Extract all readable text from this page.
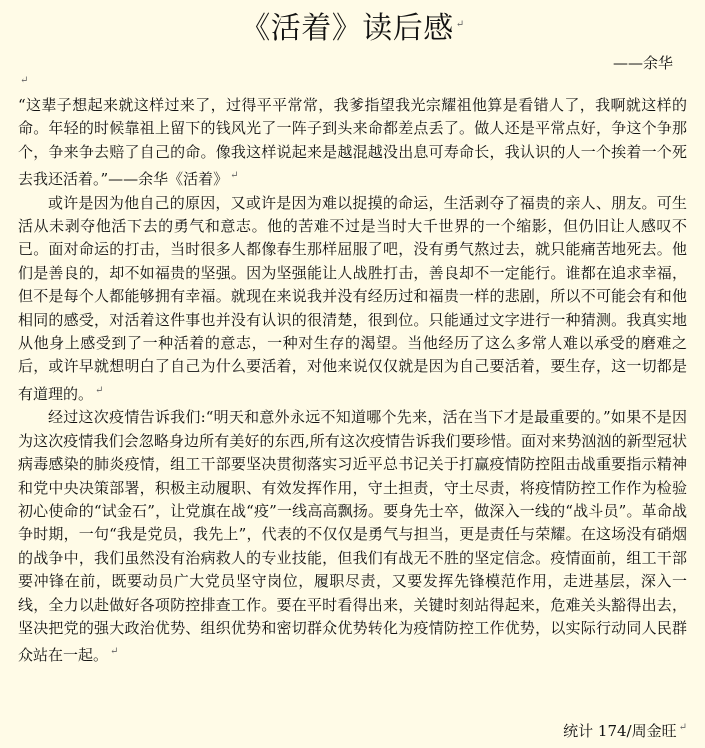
《活着》读后感 ↵

——余华

↵

“这辈子想起来就这样过来了，过得平平常常，我爹指望我光宗耀祖他算是看错人了，我啊就这样的命。年轻的时候靠祖上留下的钱风光了一阵子到头来命都差点丢了。做人还是平常点好，争这个争那个，争来争去赔了自己的命。像我这样说起来是越混越没出息可寿命长，我认识的人一个挨着一个死去我还活着。”——余华《活着》 ↵

或许是因为他自己的原因，又或许是因为难以捉摸的命运，生活剥夺了福贵的亲人、朋友。可生活从未剥夺他活下去的勇气和意志。他的苦难不过是当时大千世界的一个缩影，但仍旧让人感叹不已。面对命运的打击，当时很多人都像春生那样屈服了吧，没有勇气熬过去，就只能痛苦地死去。他们是善良的，却不如福贵的坚强。因为坚强能让人战胜打击，善良却不一定能行。谁都在追求幸福，但不是每个人都能够拥有幸福。就现在来说我并没有经历过和福贵一样的悲剧，所以不可能会有和他相同的感受，对活着这件事也并没有认识的很清楚，很到位。只能通过文字进行一种猜测。我真实地从他身上感受到了一种活着的意志，一种对生存的渴望。当他经历了这么多常人难以承受的磨难之后，或许早就想明白了自己为什么要活着，对他来说仅仅就是因为自己要活着，要生存，这一切都是有道理的。 ↵

经过这次疫情告诉我们:“明天和意外永远不知道哪个先来，活在当下才是最重要的。”如果不是因为这次疫情我们会忽略身边所有美好的东西,所有这次疫情告诉我们要珍惜。面对来势汹汹的新型冠状病毒感染的肺炎疫情，组工干部要坚决贯彻落实习近平总书记关于打赢疫情防控阻击战重要指示精神和党中央决策部署，积极主动履职、有效发挥作用，守土担责，守土尽责，将疫情防控工作作为检验初心使命的“试金石”，让党旗在战“疫”一线高高飘扬。要身先士卒，做深入一线的“战斗员”。革命战争时期，一句“我是党员，我先上”，代表的不仅仅是勇气与担当，更是责任与荣耀。在这场没有硝烟的战争中，我们虽然没有治病救人的专业技能，但我们有战无不胜的坚定信念。疫情面前，组工干部要冲锋在前，既要动员广大党员坚守岗位，履职尽责，又要发挥先锋模范作用，走进基层，深入一线，全力以赴做好各项防控排查工作。要在平时看得出来，关键时刻站得起来，危难关头豁得出去，坚决把党的强大政治优势、组织优势和密切群众优势转化为疫情防控工作优势，以实际行动同人民群众站在一起。 ↵

统计 174/周金旺 ↵
